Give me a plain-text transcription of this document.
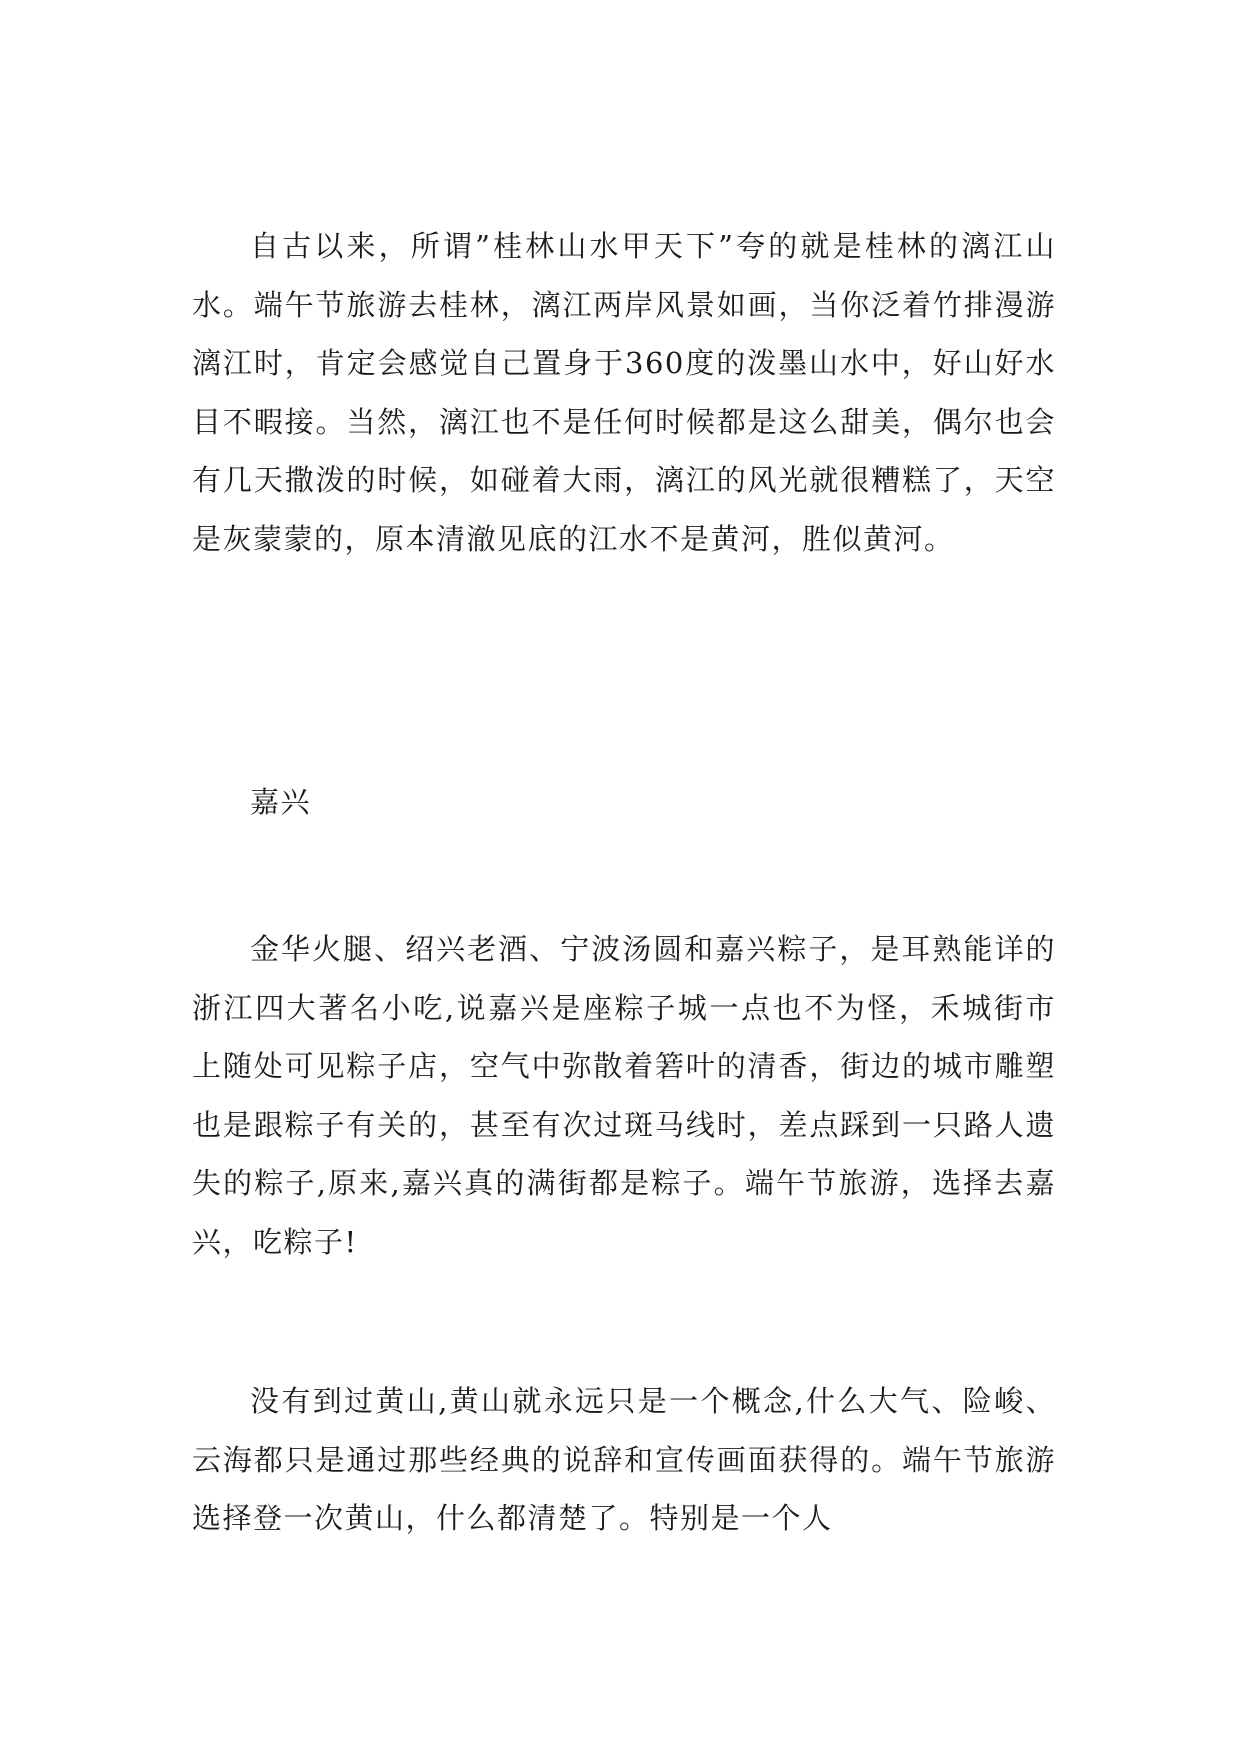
自古以来，所谓”桂林山水甲天下”夸的就是桂林的漓江山水。端午节旅游去桂林，漓江两岸风景如画，当你泛着竹排漫游漓江时，肯定会感觉自己置身于360度的泼墨山水中，好山好水目不暇接。当然，漓江也不是任何时候都是这么甜美，偶尔也会有几天撒泼的时候，如碰着大雨，漓江的风光就很糟糕了，天空是灰蒙蒙的，原本清澈见底的江水不是黄河，胜似黄河。

嘉兴

金华火腿、绍兴老酒、宁波汤圆和嘉兴粽子，是耳熟能详的浙江四大著名小吃,说嘉兴是座粽子城一点也不为怪，禾城街市上随处可见粽子店，空气中弥散着箬叶的清香，街边的城市雕塑也是跟粽子有关的，甚至有次过斑马线时，差点踩到一只路人遗失的粽子,原来,嘉兴真的满街都是粽子。端午节旅游，选择去嘉兴，吃粽子!

没有到过黄山,黄山就永远只是一个概念,什么大气、险峻、云海都只是通过那些经典的说辞和宣传画面获得的。端午节旅游选择登一次黄山，什么都清楚了。特别是一个人
